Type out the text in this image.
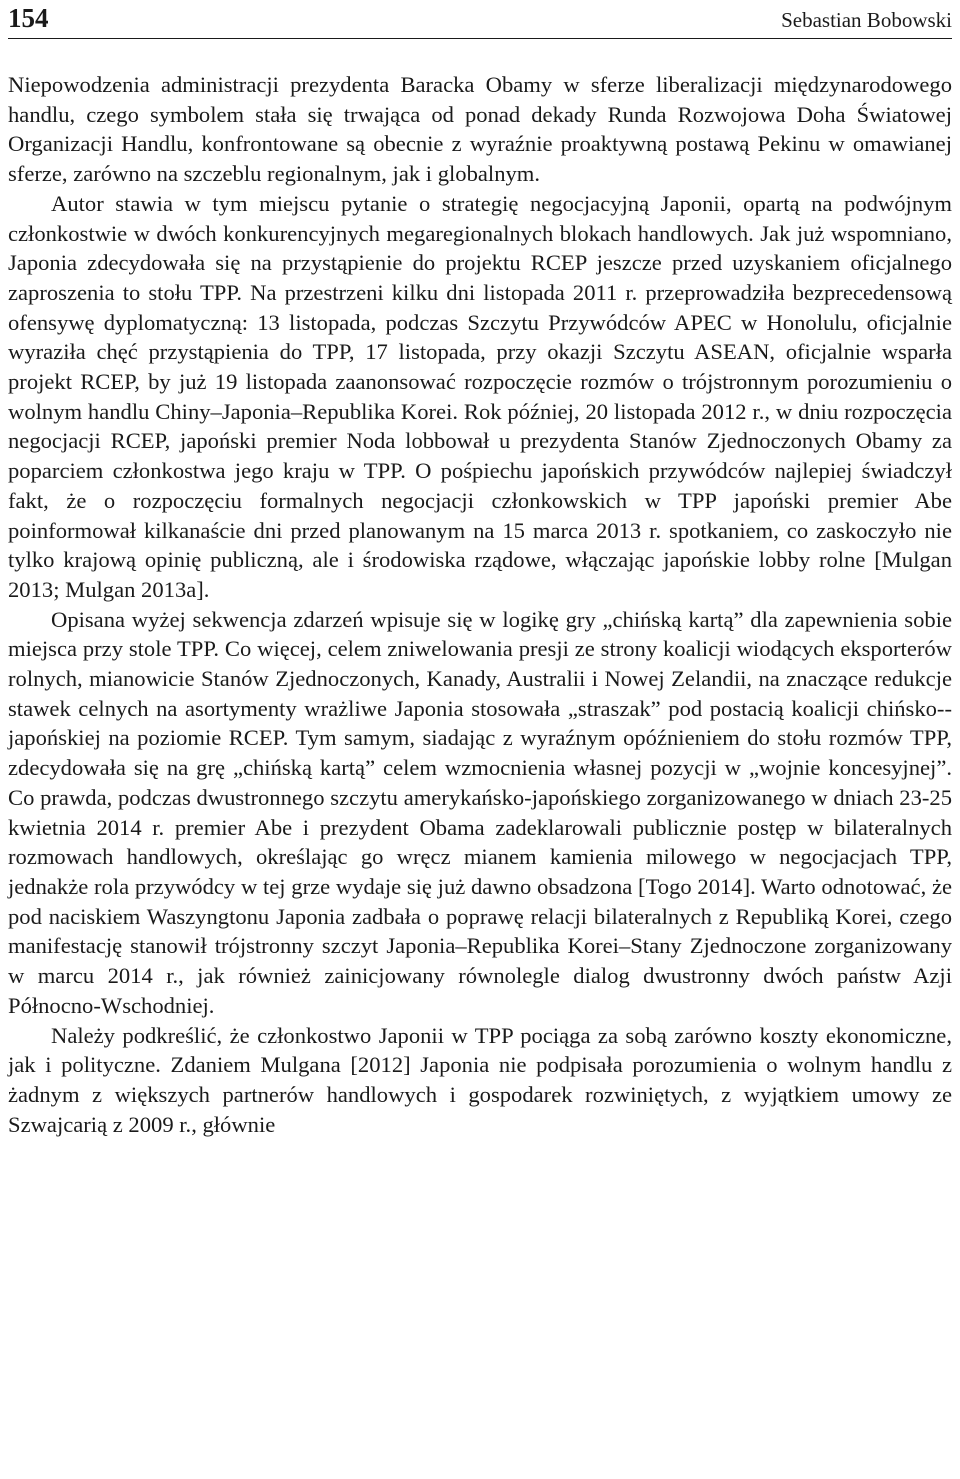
154	Sebastian Bobowski

Niepowodzenia administracji prezydenta Baracka Obamy w sferze liberalizacji międzynarodowego handlu, czego symbolem stała się trwająca od ponad dekady Runda Rozwojowa Doha Światowej Organizacji Handlu, konfrontowane są obecnie z wyraźnie proaktywną postawą Pekinu w omawianej sferze, zarówno na szczeblu regionalnym, jak i globalnym.

Autor stawia w tym miejscu pytanie o strategię negocjacyjną Japonii, opartą na podwójnym członkostwie w dwóch konkurencyjnych megaregionalnych blokach handlowych. Jak już wspomniano, Japonia zdecydowała się na przystąpienie do projektu RCEP jeszcze przed uzyskaniem oficjalnego zaproszenia to stołu TPP. Na przestrzeni kilku dni listopada 2011 r. przeprowadziła bezprecedensową ofensywę dyplomatyczną: 13 listopada, podczas Szczytu Przywódców APEC w Honolulu, oficjalnie wyraziła chęć przystąpienia do TPP, 17 listopada, przy okazji Szczytu ASEAN, oficjalnie wsparła projekt RCEP, by już 19 listopada zaanonsować rozpoczęcie rozmów o trójstronnym porozumieniu o wolnym handlu Chiny–Japonia–Republika Korei. Rok później, 20 listopada 2012 r., w dniu rozpoczęcia negocjacji RCEP, japoński premier Noda lobbował u prezydenta Stanów Zjednoczonych Obamy za poparciem członkostwa jego kraju w TPP. O pośpiechu japońskich przywódców najlepiej świadczył fakt, że o rozpoczęciu formalnych negocjacji członkowskich w TPP japoński premier Abe poinformował kilkanaście dni przed planowanym na 15 marca 2013 r. spotkaniem, co zaskoczyło nie tylko krajową opinię publiczną, ale i środowiska rządowe, włączając japońskie lobby rolne [Mulgan 2013; Mulgan 2013a].

Opisana wyżej sekwencja zdarzeń wpisuje się w logikę gry „chińską kartą” dla zapewnienia sobie miejsca przy stole TPP. Co więcej, celem zniwelowania presji ze strony koalicji wiodących eksporterów rolnych, mianowicie Stanów Zjednoczonych, Kanady, Australii i Nowej Zelandii, na znaczące redukcje stawek celnych na asortymenty wrażliwe Japonia stosowała „straszak” pod postacią koalicji chińsko--japońskiej na poziomie RCEP. Tym samym, siadając z wyraźnym opóźnieniem do stołu rozmów TPP, zdecydowała się na grę „chińską kartą” celem wzmocnienia własnej pozycji w „wojnie koncesyjnej”. Co prawda, podczas dwustronnego szczytu amerykańsko-japońskiego zorganizowanego w dniach 23-25 kwietnia 2014 r. premier Abe i prezydent Obama zadeklarowali publicznie postęp w bilateralnych rozmowach handlowych, określając go wręcz mianem kamienia milowego w negocjacjach TPP, jednakże rola przywódcy w tej grze wydaje się już dawno obsadzona [Togo 2014]. Warto odnotować, że pod naciskiem Waszyngtonu Japonia zadbała o poprawę relacji bilateralnych z Republiką Korei, czego manifestację stanowił trójstronny szczyt Japonia–Republika Korei–Stany Zjednoczone zorganizowany w marcu 2014 r., jak również zainicjowany równolegle dialog dwustronny dwóch państw Azji Północno-Wschodniej.

Należy podkreślić, że członkostwo Japonii w TPP pociąga za sobą zarówno koszty ekonomiczne, jak i polityczne. Zdaniem Mulgana [2012] Japonia nie podpisała porozumienia o wolnym handlu z żadnym z większych partnerów handlowych i gospodarek rozwiniętych, z wyjątkiem umowy ze Szwajcarią z 2009 r., głównie
